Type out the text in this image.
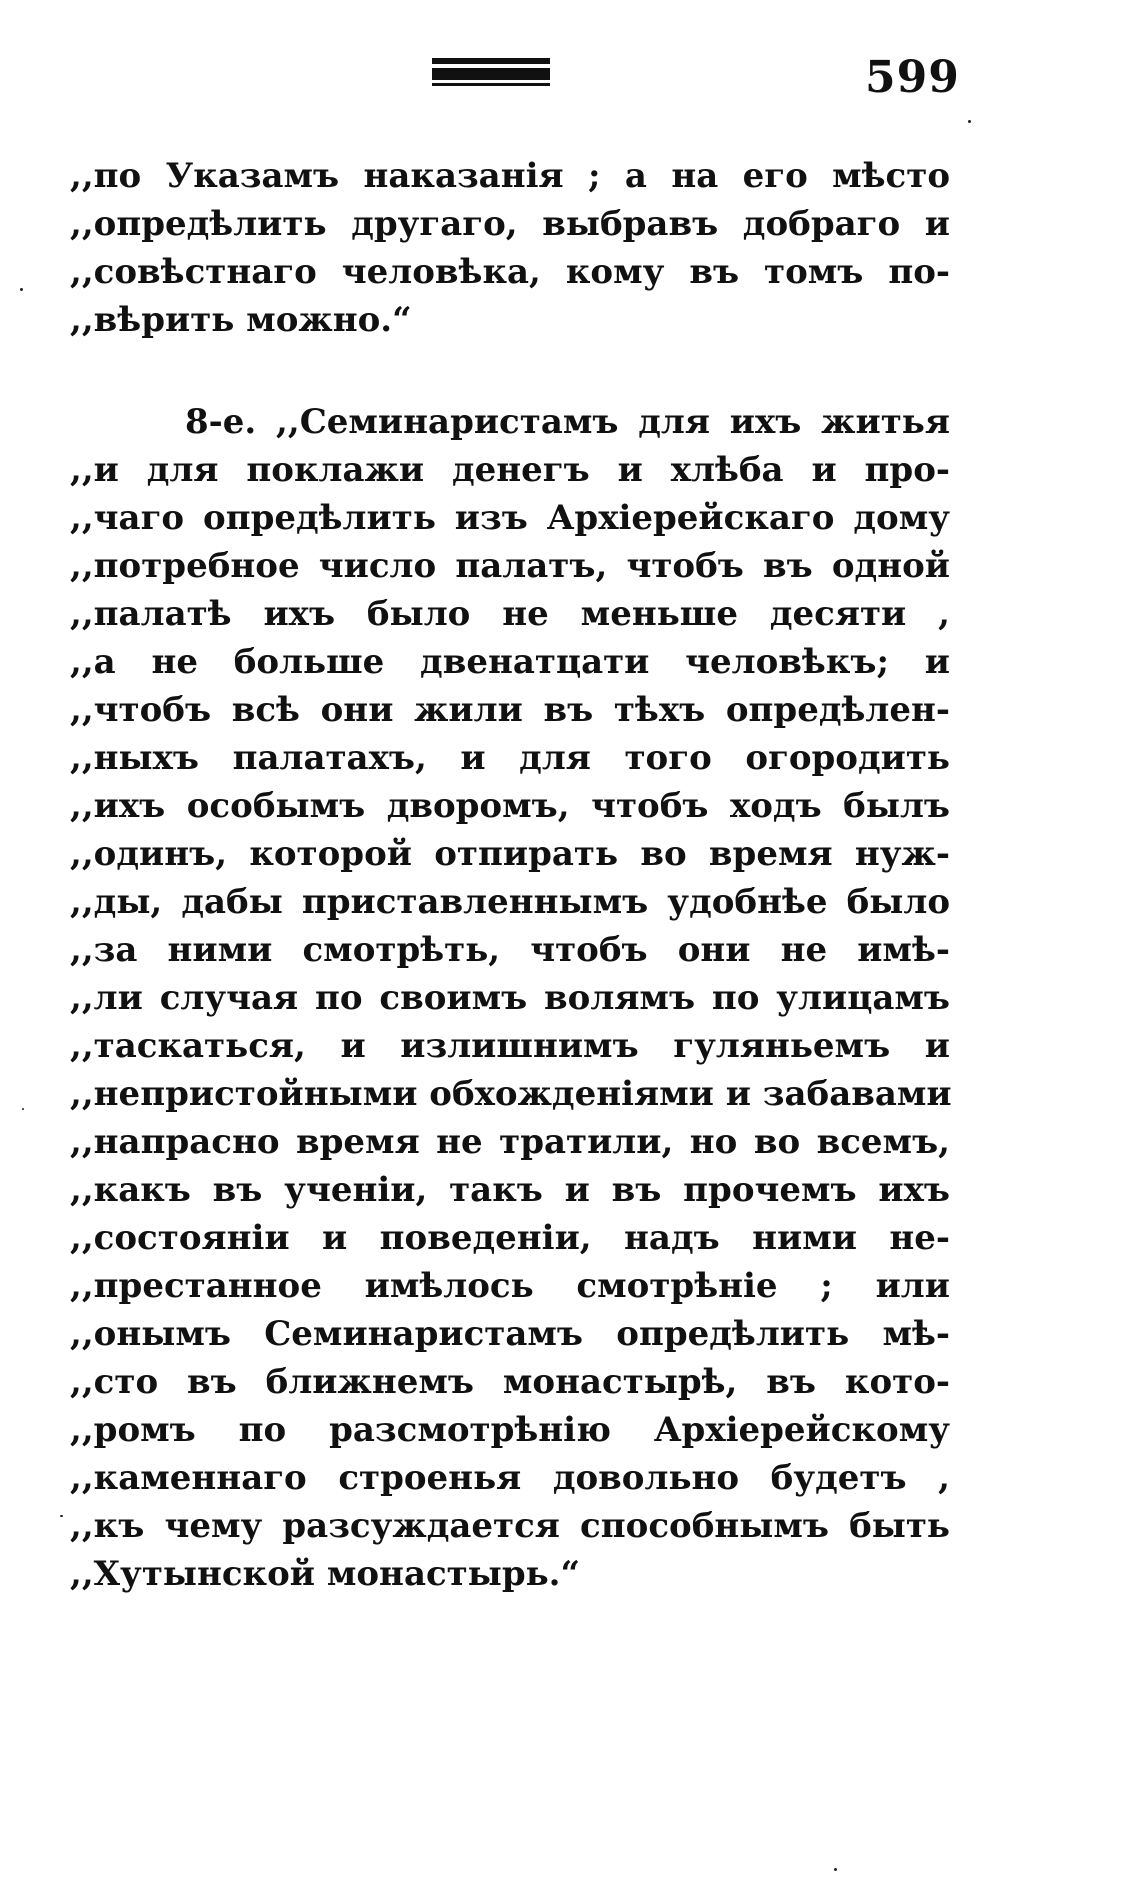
599
,,по Указамъ наказанія ; а на его мѣсто
,,опредѣлить другаго, выбравъ добраго и
,,совѣстнаго человѣка, кому въ томъ по-
,,вѣрить можно.“
8-е. ,,Семинаристамъ для ихъ житья
,,и для поклажи денегъ и хлѣба и про-
,,чаго опредѣлить изъ Архіерейскаго дому
,,потребное число палатъ, чтобъ въ одной
,,палатѣ ихъ было не меньше десяти ,
,,а не больше двенатцати человѣкъ; и
,,чтобъ всѣ они жили въ тѣхъ опредѣлен-
,,ныхъ палатахъ, и для того огородить
,,ихъ особымъ дворомъ, чтобъ ходъ былъ
,,одинъ, которой отпирать во время нуж-
,,ды, дабы приставленнымъ удобнѣе было
,,за ними смотрѣть, чтобъ они не имѣ-
,,ли случая по своимъ волямъ по улицамъ
,,таскаться, и излишнимъ гуляньемъ и
,,непристойными обхожденіями и забавами
,,напрасно время не тратили, но во всемъ,
,,какъ въ ученіи, такъ и въ прочемъ ихъ
,,состояніи и поведеніи, надъ ними не-
,,престанное имѣлось смотрѣніе ; или
,,онымъ Семинаристамъ опредѣлить мѣ-
,,сто въ ближнемъ монастырѣ, въ кото-
,,ромъ по разсмотрѣнію Архіерейскому
,,каменнаго строенья довольно будетъ ,
,,къ чему разсуждается способнымъ быть
,,Хутынской монастырь.“
